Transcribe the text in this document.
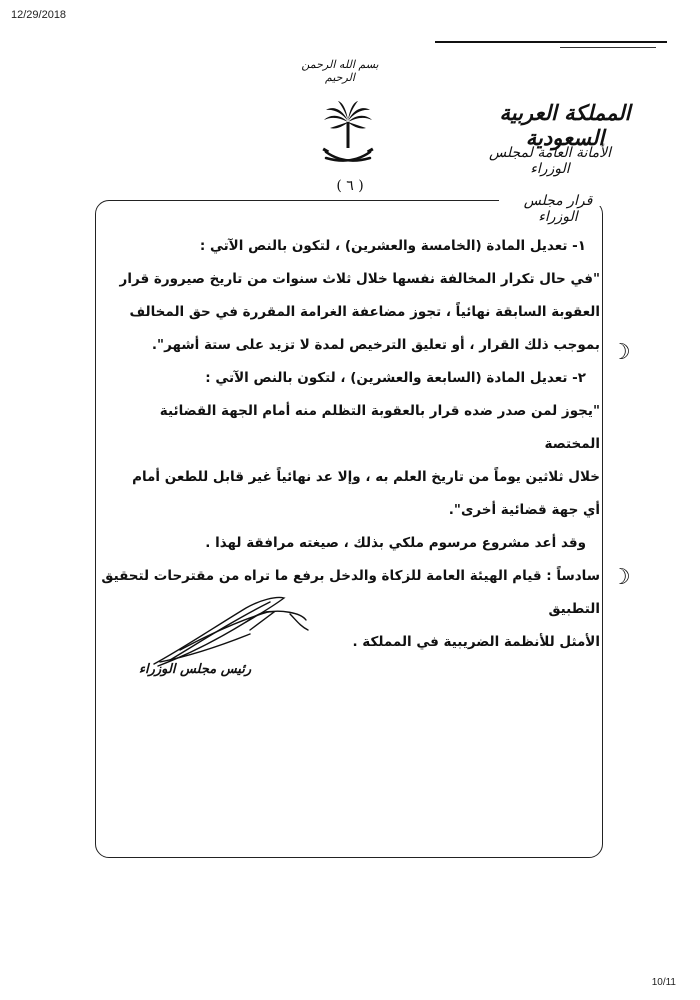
12/29/2018
بسم الله الرحمن الرحيم
المملكة العربية السعودية
الأمانة العامة لمجلس الوزراء
( ٦ )
قرار مجلس الوزراء

١- تعديل المادة (الخامسة والعشرين) ، لتكون بالنص الآتي :

"في حال تكرار المخالفة نفسها خلال ثلاث سنوات من تاريخ صيرورة قرار

العقوبة السابقة نهائياً ، تجوز مضاعفة الغرامة المقررة في حق المخالف

بموجب ذلك القرار ، أو تعليق الترخيص لمدة لا تزيد على ستة أشهر".

٢- تعديل المادة (السابعة والعشرين) ، لتكون بالنص الآتي :

"يجوز لمن صدر ضده قرار بالعقوبة التظلم منه أمام الجهة القضائية المختصة

خلال ثلاثين يوماً من تاريخ العلم به ، وإلا عد نهائياً غير قابل للطعن أمام

أي جهة قضائية أخرى".

وقد أعد مشروع مرسوم ملكي بذلك ، صيغته مرافقة لهذا .

سادساً : قيام الهيئة العامة للزكاة والدخل برفع ما تراه من مقترحات لتحقيق التطبيق

الأمثل للأنظمة الضريبية في المملكة .

☽
☽
رئيس مجلس الوزراء
10/11
